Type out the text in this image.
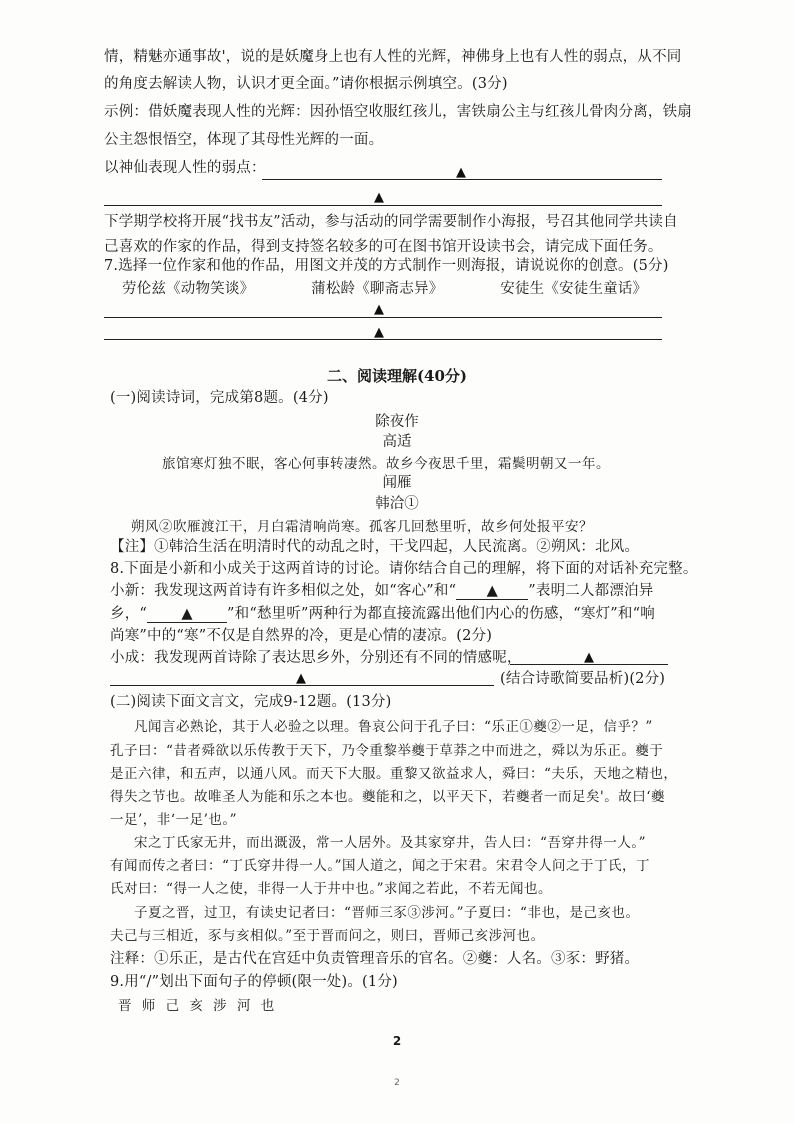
情，精魅亦通事故'，说的是妖魔身上也有人性的光辉，神佛身上也有人性的弱点，从不同
的角度去解读人物，认识才更全面。”请你根据示例填空。(3分)
示例：借妖魔表现人性的光辉：因孙悟空收服红孩儿，害铁扇公主与红孩儿骨肉分离，铁扇
公主怨恨悟空，体现了其母性光辉的一面。
以神仙表现人性的弱点：	▲
▲
下学期学校将开展“找书友”活动，参与活动的同学需要制作小海报，号召其他同学共读自
己喜欢的作家的作品，得到支持签名较多的可在图书馆开设读书会，请完成下面任务。
7.选择一位作家和他的作品，用图文并茂的方式制作一则海报，请说说你的创意。(5分)
劳伦兹《动物笑谈》	蒲松龄《聊斋志异》	安徒生《安徒生童话》
▲
▲
二、阅读理解(40分)
(一)阅读诗词，完成第8题。(4分)
除夜作
高适
旅馆寒灯独不眠，客心何事转凄然。故乡今夜思千里，霜鬓明朝又一年。
闻雁
韩洽①
朔风②吹雁渡江干，月白霜清响尚寒。孤客几回愁里听，故乡何处报平安？
【注】①韩洽生活在明清时代的动乱之时，干戈四起，人民流离。②朔风：北风。
8.下面是小新和小成关于这两首诗的讨论。请你结合自己的理解，将下面的对话补充完整。
小新：我发现这两首诗有许多相似之处，如“客心”和“ ▲ ”表明二人都漂泊异
乡，“ ▲ ”和“愁里听”两种行为都直接流露出他们内心的伤感，“寒灯”和“响
尚寒”中的“寒”不仅是自然界的冷，更是心情的凄凉。(2分)
小成：我发现两首诗除了表达思乡外，分别还有不同的情感呢，	▲
▲	(结合诗歌简要品析)(2分)
(二)阅读下面文言文，完成9-12题。(13分)
凡闻言必熟论，其于人必验之以理。鲁哀公问于孔子曰：“乐正①夔②一足，信乎？”
孔子曰：“昔者舜欲以乐传教于天下，乃令重黎举夔于草莽之中而进之，舜以为乐正。夔于
是正六律，和五声，以通八风。而天下大服。重黎又欲益求人，舜曰：“夫乐，天地之精也，
得失之节也。故唯圣人为能和乐之本也。夔能和之，以平天下，若夔者一而足矣'。故曰‘夔
一足’，非‘一足’也。”
宋之丁氏家无井，而出溉汲，常一人居外。及其家穿井，告人曰：“吾穿井得一人。”
有闻而传之者曰：“丁氏穿井得一人。”国人道之，闻之于宋君。宋君令人问之于丁氏，丁
氏对曰：“得一人之使，非得一人于井中也。”求闻之若此，不若无闻也。
子夏之晋，过卫，有读史记者曰：“晋师三豕③涉河。”子夏曰：“非也，是己亥也。
夫己与三相近，豕与亥相似。”至于晋而问之，则曰，晋师己亥涉河也。
注释：①乐正，是古代在宫廷中负责管理音乐的官名。②夔：人名。③豕：野猪。
9.用“/”划出下面句子的停顿(限一处)。(1分)
晋 师 己 亥 涉 河 也
2
2
